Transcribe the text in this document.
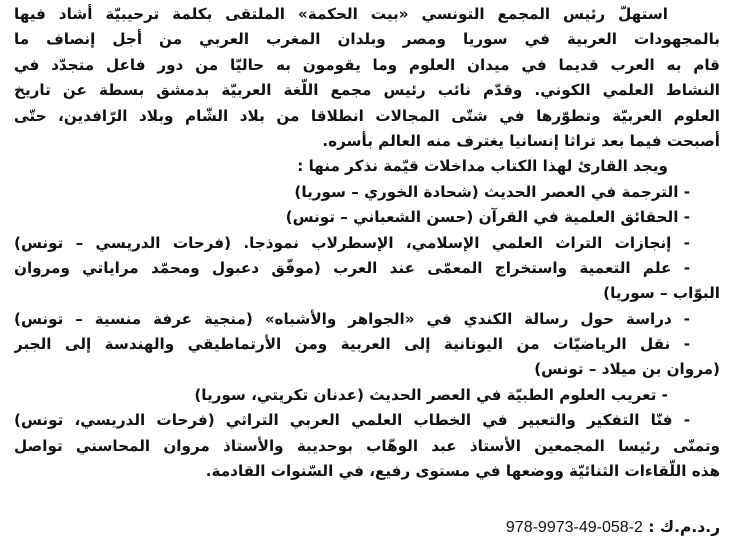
استهلّ رئيس المجمع التونسي «بيت الحكمة» الملتقى بكلمة ترحيبيّة أشاد فيها
بالمجهودات العربية في سوريا ومصر وبلدان المغرب العربي من أجل إنصاف ما
قام به العرب قديما في ميدان العلوم وما يقومون به حاليّا من دور فاعل متجدّد في
النشاط العلمي الكوني. وقدّم نائب رئيس مجمع اللّغة العربيّة بدمشق بسطة عن تاريخ
العلوم العربيّة وتطوّرها في شتّى المجالات انطلاقا من بلاد الشّام وبلاد الرّافدين، حتّى
أصبحت فيما بعد تراثا إنسانيا يغترف منه العالم بأسره.
ويجد القارئ لهذا الكتاب مداخلات قيّمة نذكر منها :
- الترجمة في العصر الحديث (شحادة الخوري – سوريا)
- الحقائق العلمية في القرآن (حسن الشعباني – تونس)
- إنجازات التراث العلمي الإسلامي، الإسطرلاب نموذجا. (فرحات الدريسي – تونس)
- علم التعمية واستخراج المعمّى عند العرب (موفّق دعبول ومحمّد مراياتي ومروان
البوّاب – سوريا)
- دراسة حول رسالة الكندي في «الجواهر والأشباه» (منجية عرفة منسية – تونس)
- نقل الرياضيّات من اليونانية إلى العربية ومن الأرتماطيقي والهندسة إلى الجبر
(مروان بن ميلاد – تونس)
- تعريب العلوم الطبيّة في العصر الحديث (عدنان تكريتي، سوريا)
- فنّا التفكير والتعبير في الخطاب العلمي العربي التراثي (فرحات الدريسي، تونس)
وتمنّى رئيسا المجمعين الأستاذ عبد الوهّاب بوحديبة والأستاذ مروان المحاسني تواصل
هذه اللّقاءات الثنائيّة ووضعها في مستوى رفيع، في السّنوات القادمة.
ر.د.م.ك : 978-9973-49-058-2
